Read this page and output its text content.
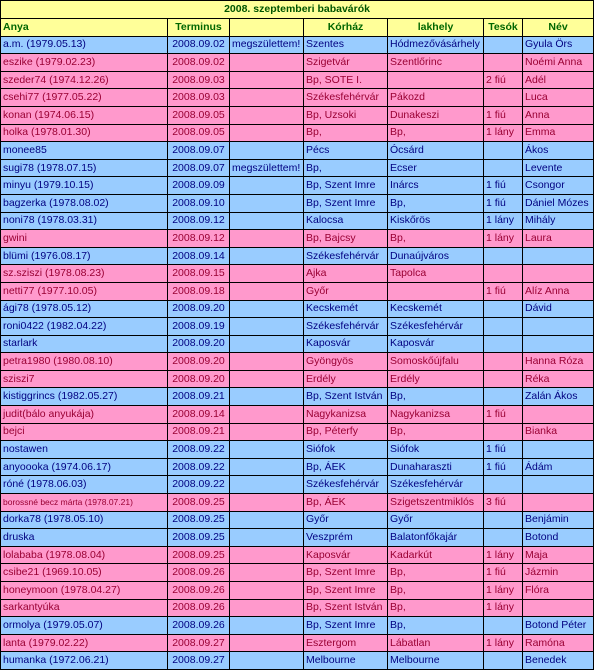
2008. szeptemberi babavárók						
Anya	Terminus		Kórház	lakhely	Tesók	Név
a.m. (1979.05.13)	2008.09.02	megszülettem!	Szentes	Hódmezővásárhely		Gyula Örs
eszike (1979.02.23)	2008.09.02		Szigetvár	Szentlőrinc		Noémi Anna
szeder74 (1974.12.26)	2008.09.03		Bp, SOTE I.		2 fiú	Adél
csehi77 (1977.05.22)	2008.09.03		Székesfehérvár	Pákozd		Luca
konan (1974.06.15)	2008.09.05		Bp, Uzsoki	Dunakeszi	1 fiú	Anna
holka (1978.01.30)	2008.09.05		Bp,	Bp,	1 lány	Emma
monee85	2008.09.07		Pécs	Ócsárd		Ákos
sugi78 (1978.07.15)	2008.09.07	megszülettem!	Bp,	Ecser		Levente
minyu (1979.10.15)	2008.09.09		Bp, Szent Imre	Inárcs	1 fiú	Csongor
bagzerka (1978.08.02)	2008.09.10		Bp, Szent Imre	Bp,	1 fiú	Dániel Mózes
noni78 (1978.03.31)	2008.09.12		Kalocsa	Kiskőrös	1 lány	Mihály
gwini	2008.09.12		Bp, Bajcsy	Bp,	1 lány	Laura
blümi (1976.08.17)	2008.09.14		Székesfehérvár	Dunaújváros		
sz.sziszi (1978.08.23)	2008.09.15		Ajka	Tapolca		
netti77 (1977.10.05)	2008.09.18		Győr		1 fiú	Alíz Anna
ági78 (1978.05.12)	2008.09.20		Kecskemét	Kecskemét		Dávid
roni0422 (1982.04.22)	2008.09.19		Székesfehérvár	Székesfehérvár		
starlark	2008.09.20		Kaposvár	Kaposvár		
petra1980 (1980.08.10)	2008.09.20		Gyöngyös	Somoskőújfalu		Hanna Róza
sziszi7	2008.09.20		Erdély	Erdély		Réka
kistiggrincs (1982.05.27)	2008.09.21		Bp, Szent István	Bp,		Zalán Ákos
judit(bálo anyukája)	2008.09.14		Nagykanizsa	Nagykanizsa	1 fiú	
bejci	2008.09.21		Bp, Péterfy	Bp,		Bianka
nostawen	2008.09.22		Siófok	Siófok	1 fiú	
anyoooka (1974.06.17)	2008.09.22		Bp, ÁEK	Dunaharaszti	1 fiú	Ádám
róné (1978.06.03)	2008.09.22		Székesfehérvár	Székesfehérvár		
borossné becz márta (1978.07.21)	2008.09.25		Bp, ÁEK	Szigetszentmiklós	3 fiú	
dorka78 (1978.05.10)	2008.09.25		Győr	Győr		Benjámin
druska	2008.09.25		Veszprém	Balatonfőkajár		Botond
lolababa (1978.08.04)	2008.09.25		Kaposvár	Kadarkút	1 lány	Maja
csibe21 (1969.10.05)	2008.09.26		Bp, Szent Imre	Bp,	1 fiú	Jázmin
honeymoon (1978.04.27)	2008.09.26		Bp, Szent Imre	Bp,	1 lány	Flóra
sarkantyúka	2008.09.26		Bp, Szent István	Bp,	1 lány	
ormolya (1979.05.07)	2008.09.26		Bp, Szent Imre	Bp,		Botond Péter
lanta (1979.02.22)	2008.09.27		Esztergom	Lábatlan	1 lány	Ramóna
humanka (1972.06.21)	2008.09.27		Melbourne	Melbourne		Benedek
